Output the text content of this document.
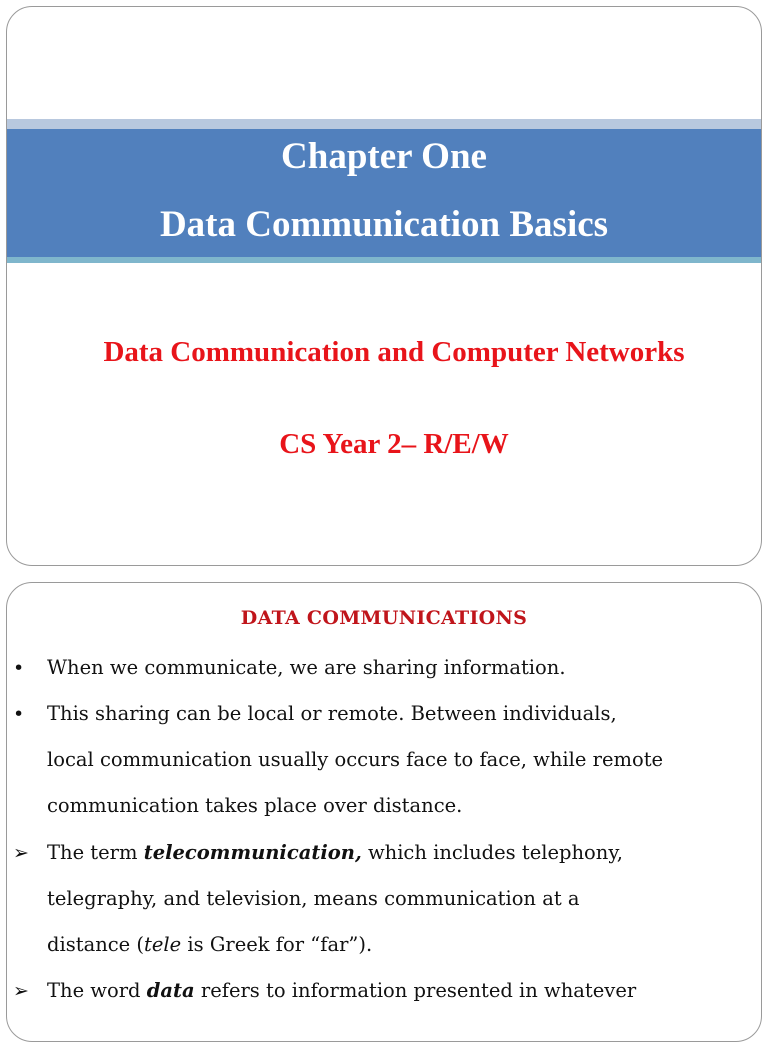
Chapter One
Data Communication Basics
Data Communication and Computer Networks
CS Year 2– R/E/W
DATA COMMUNICATIONS
• When we communicate, we are sharing information.
• This sharing can be local or remote. Between individuals,
local communication usually occurs face to face, while remote
communication takes place over distance.
➢ The term telecommunication, which includes telephony,
telegraphy, and television, means communication at a
distance (tele is Greek for “far”).
➢ The word data refers to information presented in whatever
